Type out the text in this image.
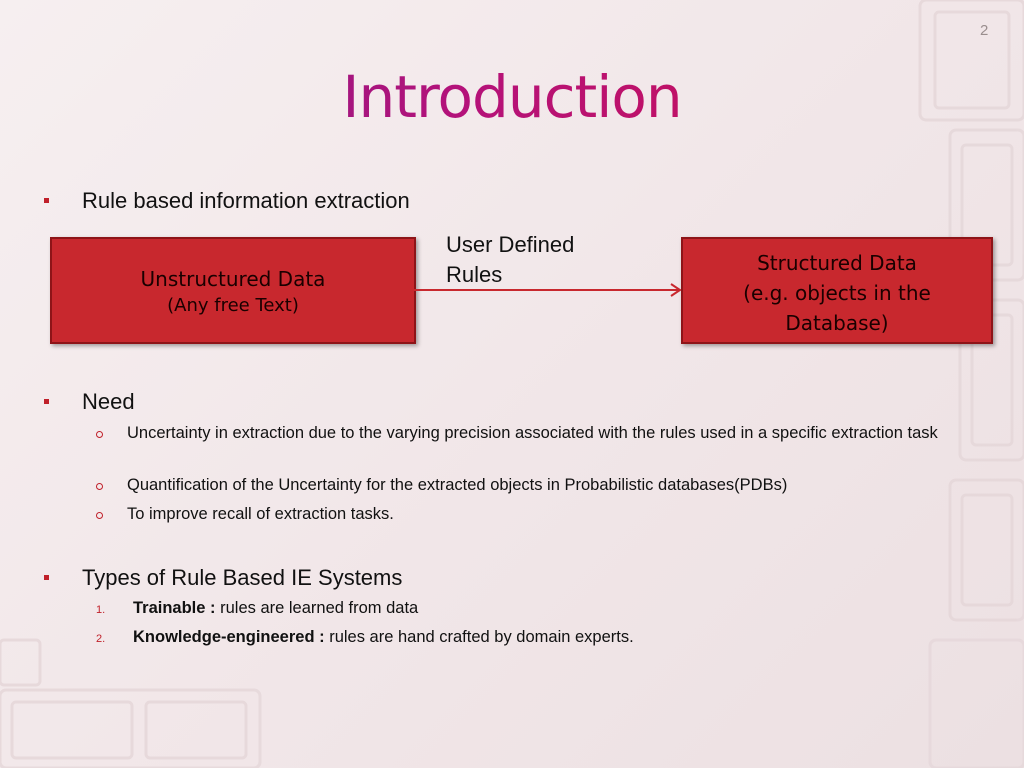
2
Introduction
Rule based information extraction
Unstructured Data
(Any free Text)
User Defined
Rules	Structured Data
(e.g. objects in the
Database)
Need
Uncertainty in extraction due to the varying precision associated with the rules used in a specific extraction task
Quantification of the Uncertainty for the extracted objects in Probabilistic databases(PDBs)
To improve recall of extraction tasks.
Types of Rule Based IE Systems
1. Trainable : rules are learned from data
2. Knowledge-engineered : rules are hand crafted by domain experts.
